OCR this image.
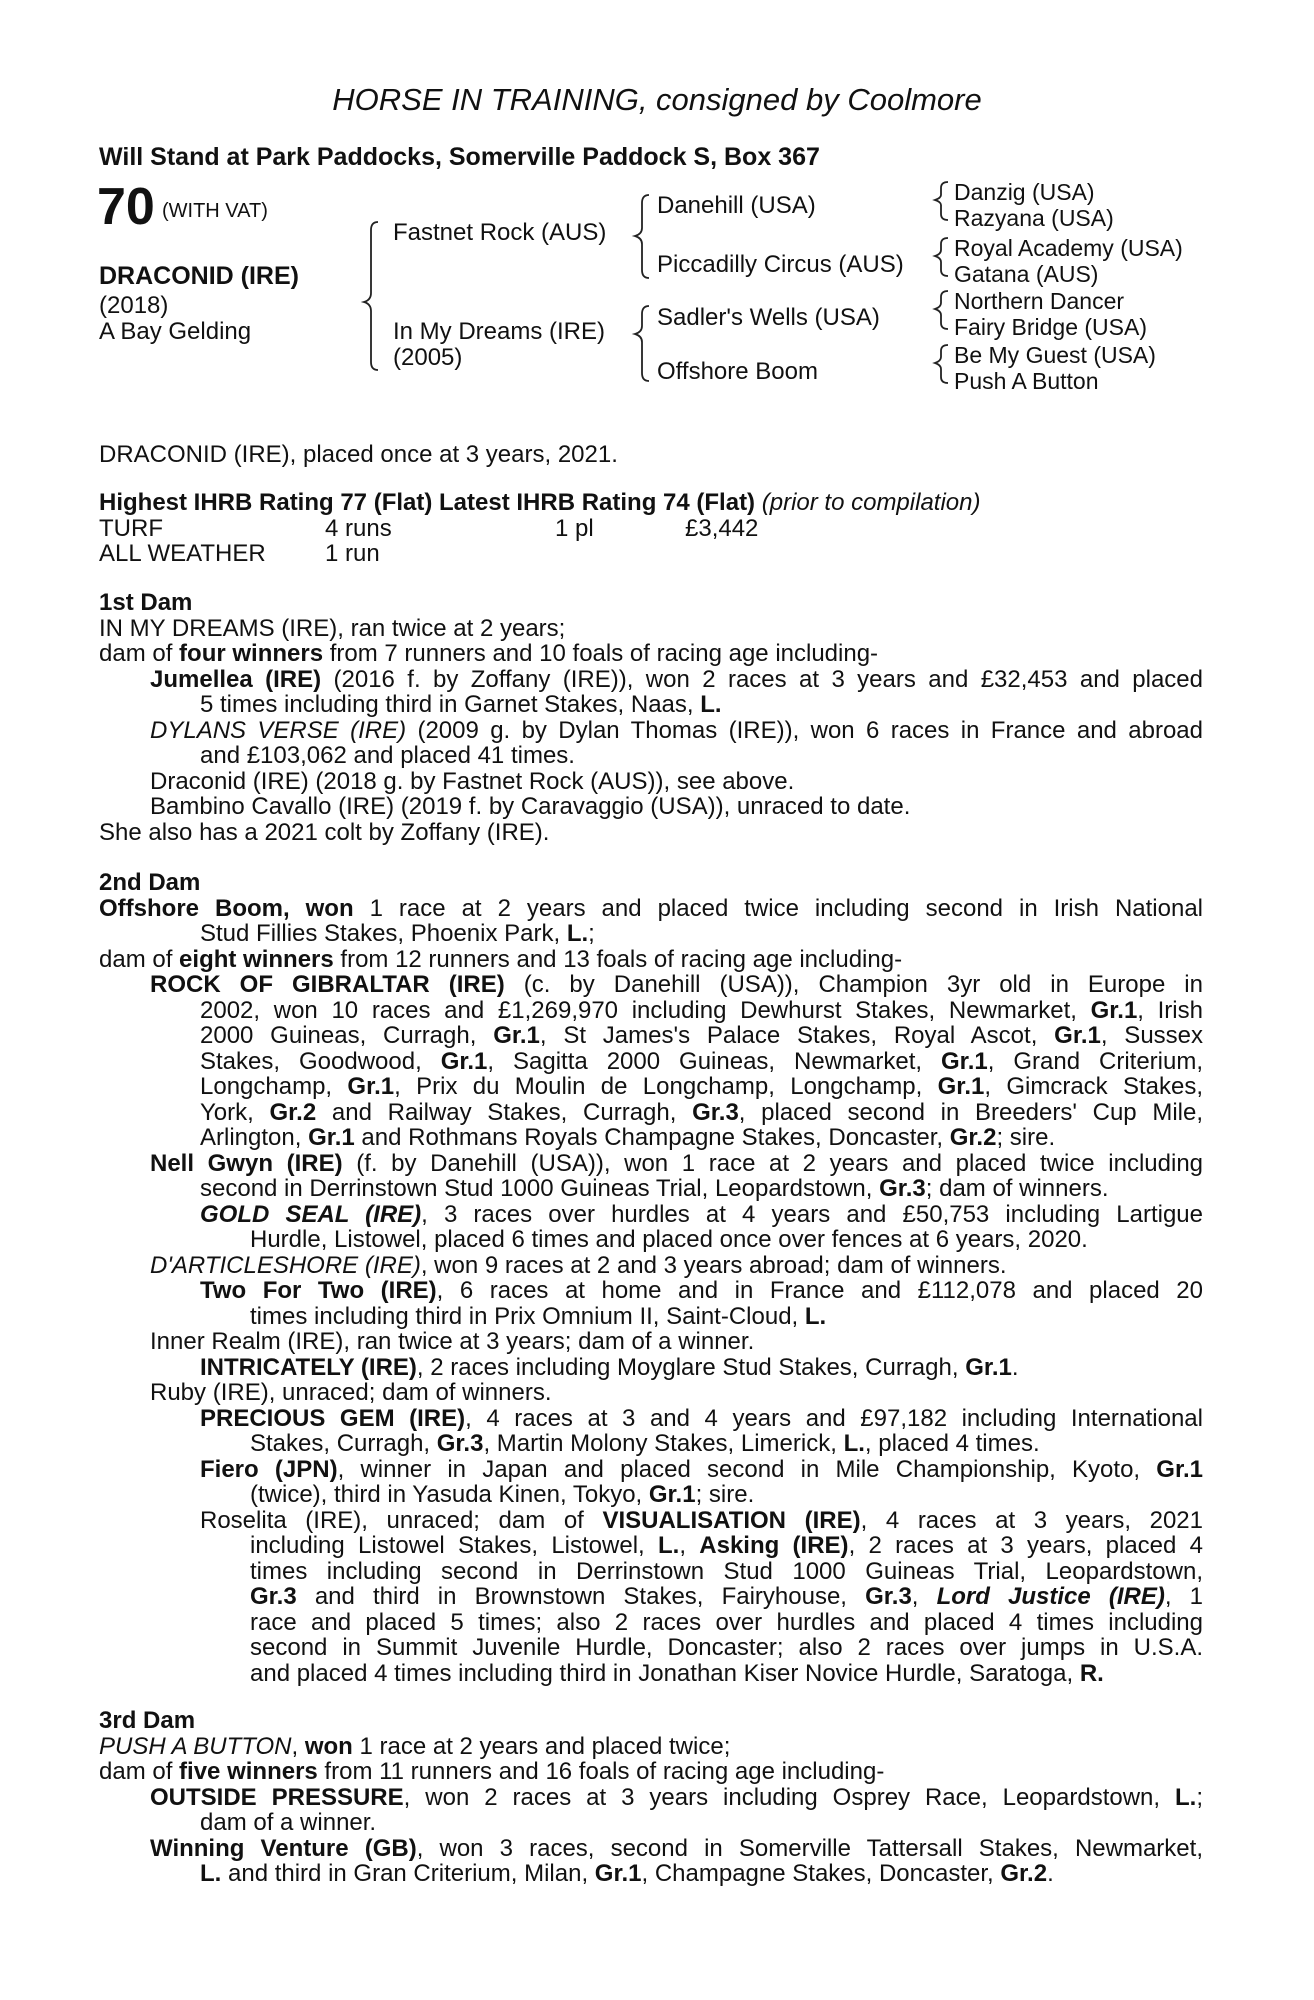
HORSE IN TRAINING, consigned by Coolmore
Will Stand at Park Paddocks, Somerville Paddock S, Box 367
70 (WITH VAT)
DRACONID (IRE)
(2018)
A Bay Gelding
Fastnet Rock (AUS)
In My Dreams (IRE)
(2005)
Danehill (USA)
Piccadilly Circus (AUS)
Sadler's Wells (USA)
Offshore Boom
Danzig (USA)
Razyana (USA)
Royal Academy (USA)
Gatana (AUS)
Northern Dancer
Fairy Bridge (USA)
Be My Guest (USA)
Push A Button
DRACONID (IRE), placed once at 3 years, 2021.
Highest IHRB Rating 77 (Flat) Latest IHRB Rating 74 (Flat) (prior to compilation)
TURF	4 runs	1 pl	£3,442
ALL WEATHER 1 run
1st Dam
IN MY DREAMS (IRE), ran twice at 2 years;
dam of four winners from 7 runners and 10 foals of racing age including-
Jumellea (IRE) (2016 f. by Zoffany (IRE)), won 2 races at 3 years and £32,453 and placed
5 times including third in Garnet Stakes, Naas, L.
DYLANS VERSE (IRE) (2009 g. by Dylan Thomas (IRE)), won 6 races in France and abroad
and £103,062 and placed 41 times.
Draconid (IRE) (2018 g. by Fastnet Rock (AUS)), see above.
Bambino Cavallo (IRE) (2019 f. by Caravaggio (USA)), unraced to date.
She also has a 2021 colt by Zoffany (IRE).
2nd Dam
Offshore Boom, won 1 race at 2 years and placed twice including second in Irish National
Stud Fillies Stakes, Phoenix Park, L.;
dam of eight winners from 12 runners and 13 foals of racing age including-
ROCK OF GIBRALTAR (IRE) (c. by Danehill (USA)), Champion 3yr old in Europe in
2002, won 10 races and £1,269,970 including Dewhurst Stakes, Newmarket, Gr.1, Irish
2000 Guineas, Curragh, Gr.1, St James's Palace Stakes, Royal Ascot, Gr.1, Sussex
Stakes, Goodwood, Gr.1, Sagitta 2000 Guineas, Newmarket, Gr.1, Grand Criterium,
Longchamp, Gr.1, Prix du Moulin de Longchamp, Longchamp, Gr.1, Gimcrack Stakes,
York, Gr.2 and Railway Stakes, Curragh, Gr.3, placed second in Breeders' Cup Mile,
Arlington, Gr.1 and Rothmans Royals Champagne Stakes, Doncaster, Gr.2; sire.
Nell Gwyn (IRE) (f. by Danehill (USA)), won 1 race at 2 years and placed twice including
second in Derrinstown Stud 1000 Guineas Trial, Leopardstown, Gr.3; dam of winners.
GOLD SEAL (IRE), 3 races over hurdles at 4 years and £50,753 including Lartigue
Hurdle, Listowel, placed 6 times and placed once over fences at 6 years, 2020.
D'ARTICLESHORE (IRE), won 9 races at 2 and 3 years abroad; dam of winners.
Two For Two (IRE), 6 races at home and in France and £112,078 and placed 20
times including third in Prix Omnium II, Saint-Cloud, L.
Inner Realm (IRE), ran twice at 3 years; dam of a winner.
INTRICATELY (IRE), 2 races including Moyglare Stud Stakes, Curragh, Gr.1.
Ruby (IRE), unraced; dam of winners.
PRECIOUS GEM (IRE), 4 races at 3 and 4 years and £97,182 including International
Stakes, Curragh, Gr.3, Martin Molony Stakes, Limerick, L., placed 4 times.
Fiero (JPN), winner in Japan and placed second in Mile Championship, Kyoto, Gr.1
(twice), third in Yasuda Kinen, Tokyo, Gr.1; sire.
Roselita (IRE), unraced; dam of VISUALISATION (IRE), 4 races at 3 years, 2021
including Listowel Stakes, Listowel, L., Asking (IRE), 2 races at 3 years, placed 4
times including second in Derrinstown Stud 1000 Guineas Trial, Leopardstown,
Gr.3 and third in Brownstown Stakes, Fairyhouse, Gr.3, Lord Justice (IRE), 1
race and placed 5 times; also 2 races over hurdles and placed 4 times including
second in Summit Juvenile Hurdle, Doncaster; also 2 races over jumps in U.S.A.
and placed 4 times including third in Jonathan Kiser Novice Hurdle, Saratoga, R.
3rd Dam
PUSH A BUTTON, won 1 race at 2 years and placed twice;
dam of five winners from 11 runners and 16 foals of racing age including-
OUTSIDE PRESSURE, won 2 races at 3 years including Osprey Race, Leopardstown, L.;
dam of a winner.
Winning Venture (GB), won 3 races, second in Somerville Tattersall Stakes, Newmarket,
L. and third in Gran Criterium, Milan, Gr.1, Champagne Stakes, Doncaster, Gr.2.
